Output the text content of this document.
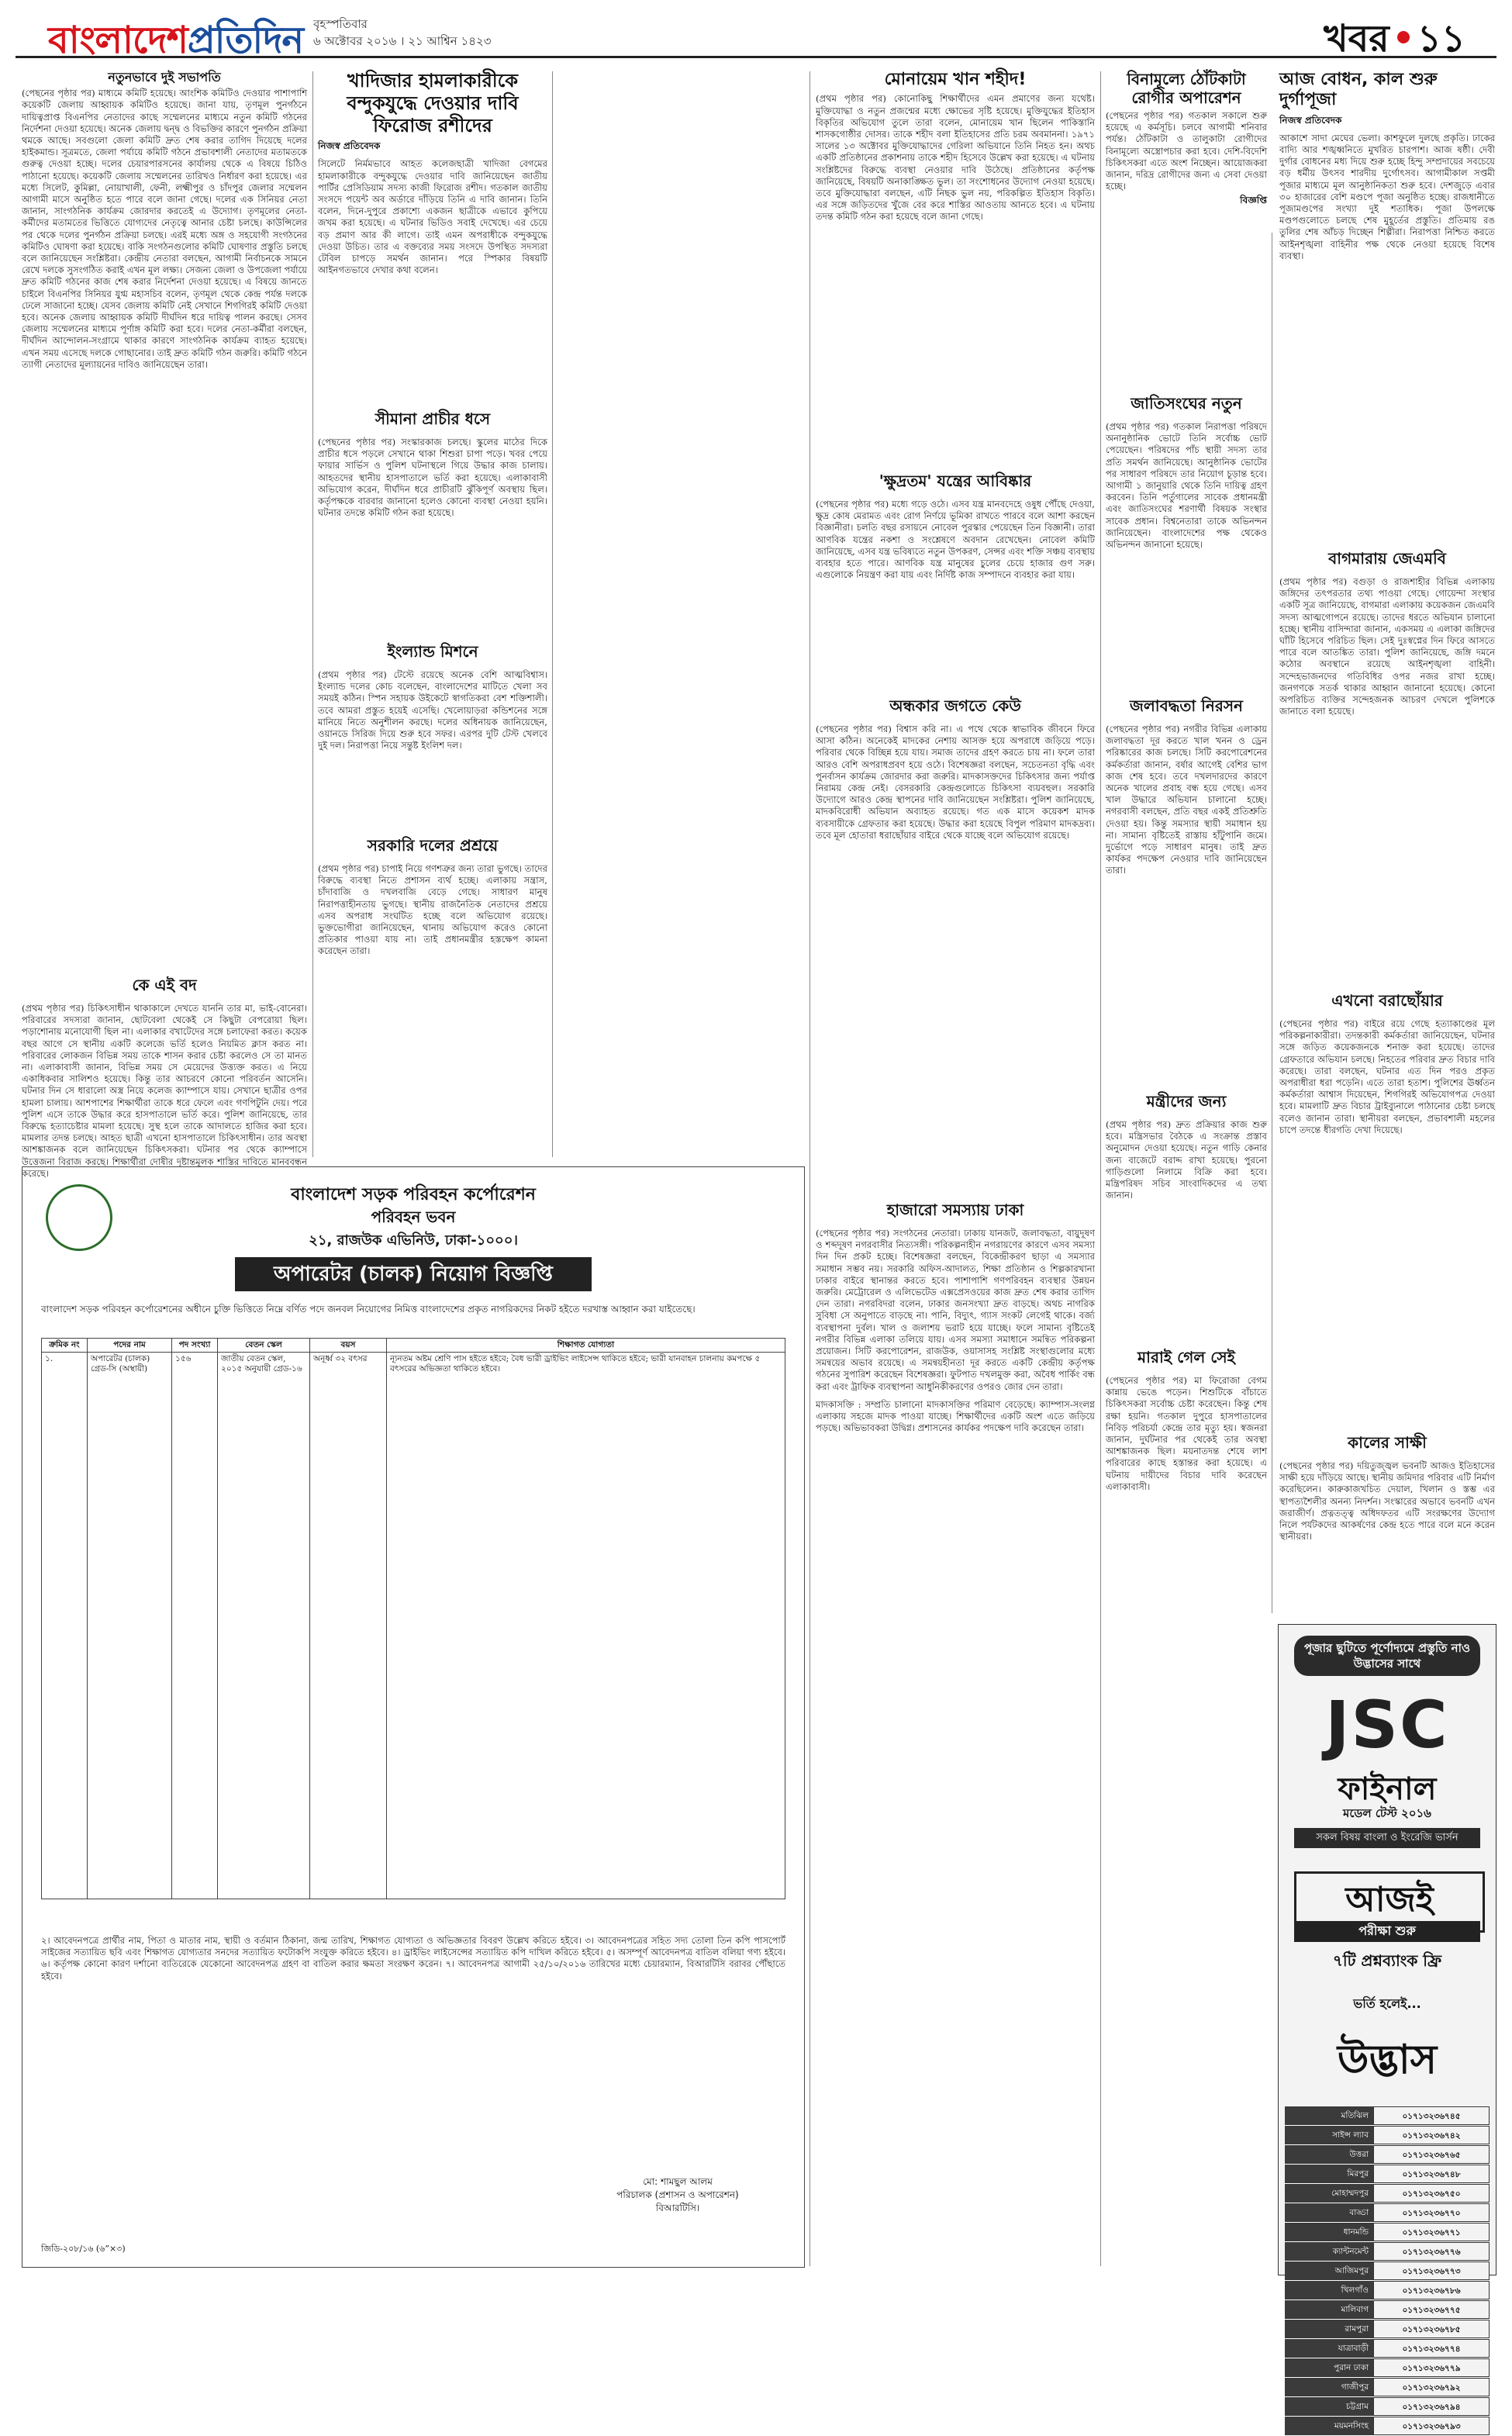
বাংলাদেশপ্রতিদিন বৃহস্পতিবার
৬ অক্টোবর ২০১৬ । ২১ আশ্বিন ১৪২৩	খবর ১১
নতুনভাবে দুই সভাপতি

(পেছনের পৃষ্ঠার পর) মাধ্যমে কমিটি হয়েছে। আংশিক কমিটিও দেওয়ার পাশাপাশি কয়েকটি জেলায় আহ্বায়ক কমিটিও হয়েছে। জানা যায়, তৃণমূল পুনর্গঠনে দায়িত্বপ্রাপ্ত বিএনপির নেতাদের কাছে সম্মেলনের মাধ্যমে নতুন কমিটি গঠনের নির্দেশনা দেওয়া হয়েছে। অনেক জেলায় দ্বন্দ্ব ও বিভক্তির কারণে পুনর্গঠন প্রক্রিয়া থমকে আছে। সবগুলো জেলা কমিটি দ্রুত শেষ করার তাগিদ দিয়েছে দলের হাইকমান্ড। সূত্রমতে, জেলা পর্যায়ে কমিটি গঠনে প্রভাবশালী নেতাদের মতামতকে গুরুত্ব দেওয়া হচ্ছে। দলের চেয়ারপারসনের কার্যালয় থেকে এ বিষয়ে চিঠিও পাঠানো হয়েছে। কয়েকটি জেলায় সম্মেলনের তারিখও নির্ধারণ করা হয়েছে। এর মধ্যে সিলেট, কুমিল্লা, নোয়াখালী, ফেনী, লক্ষ্মীপুর ও চাঁদপুর জেলার সম্মেলন আগামী মাসে অনুষ্ঠিত হতে পারে বলে জানা গেছে। দলের এক সিনিয়র নেতা জানান, সাংগঠনিক কার্যক্রম জোরদার করতেই এ উদ্যোগ। তৃণমূলের নেতা-কর্মীদের মতামতের ভিত্তিতে যোগ্যদের নেতৃত্বে আনার চেষ্টা চলছে। কাউন্সিলের পর থেকে দলের পুনর্গঠন প্রক্রিয়া চলছে। এরই মধ্যে অঙ্গ ও সহযোগী সংগঠনের কমিটিও ঘোষণা করা হয়েছে। বাকি সংগঠনগুলোর কমিটি ঘোষণার প্রস্তুতি চলছে বলে জানিয়েছেন সংশ্লিষ্টরা। কেন্দ্রীয় নেতারা বলছেন, আগামী নির্বাচনকে সামনে রেখে দলকে সুসংগঠিত করাই এখন মূল লক্ষ্য। সেজন্য জেলা ও উপজেলা পর্যায়ে দ্রুত কমিটি গঠনের কাজ শেষ করার নির্দেশনা দেওয়া হয়েছে। এ বিষয়ে জানতে চাইলে বিএনপির সিনিয়র যুগ্ম মহাসচিব বলেন, তৃণমূল থেকে কেন্দ্র পর্যন্ত দলকে ঢেলে সাজানো হচ্ছে। যেসব জেলায় কমিটি নেই সেখানে শিগগিরই কমিটি দেওয়া হবে। অনেক জেলায় আহ্বায়ক কমিটি দীর্ঘদিন ধরে দায়িত্ব পালন করছে। সেসব জেলায় সম্মেলনের মাধ্যমে পূর্ণাঙ্গ কমিটি করা হবে। দলের নেতা-কর্মীরা বলছেন, দীর্ঘদিন আন্দোলন-সংগ্রামে থাকার কারণে সাংগঠনিক কার্যক্রম ব্যাহত হয়েছে। এখন সময় এসেছে দলকে গোছানোর। তাই দ্রুত কমিটি গঠন জরুরি। কমিটি গঠনে ত্যাগী নেতাদের মূল্যায়নের দাবিও জানিয়েছেন তারা।

কে এই বদ

(প্রথম পৃষ্ঠার পর) চিকিৎসাধীন থাকাকালে দেখতে যাননি তার মা, ভাই-বোনেরা। পরিবারের সদস্যরা জানান, ছোটবেলা থেকেই সে কিছুটা বেপরোয়া ছিল। পড়াশোনায় মনোযোগী ছিল না। এলাকার বখাটেদের সঙ্গে চলাফেরা করত। কয়েক বছর আগে সে স্থানীয় একটি কলেজে ভর্তি হলেও নিয়মিত ক্লাস করত না। পরিবারের লোকজন বিভিন্ন সময় তাকে শাসন করার চেষ্টা করলেও সে তা মানত না। এলাকাবাসী জানান, বিভিন্ন সময় সে মেয়েদের উত্ত্যক্ত করত। এ নিয়ে একাধিকবার সালিশও হয়েছে। কিন্তু তার আচরণে কোনো পরিবর্তন আসেনি। ঘটনার দিন সে ধারালো অস্ত্র নিয়ে কলেজ ক্যাম্পাসে যায়। সেখানে ছাত্রীর ওপর হামলা চালায়। আশপাশের শিক্ষার্থীরা তাকে ধরে ফেলে এবং গণপিটুনি দেয়। পরে পুলিশ এসে তাকে উদ্ধার করে হাসপাতালে ভর্তি করে। পুলিশ জানিয়েছে, তার বিরুদ্ধে হত্যাচেষ্টার মামলা হয়েছে। সুস্থ হলে তাকে আদালতে হাজির করা হবে। মামলার তদন্ত চলছে। আহত ছাত্রী এখনো হাসপাতালে চিকিৎসাধীন। তার অবস্থা আশঙ্কাজনক বলে জানিয়েছেন চিকিৎসকরা। ঘটনার পর থেকে ক্যাম্পাসে উত্তেজনা বিরাজ করছে। শিক্ষার্থীরা দোষীর দৃষ্টান্তমূলক শাস্তির দাবিতে মানববন্ধন করেছে।

খাদিজার হামলাকারীকে বন্দুকযুদ্ধে দেওয়ার দাবি ফিরোজ রশীদের
নিজস্ব প্রতিবেদক

সিলেটে নির্মমভাবে আহত কলেজছাত্রী খাদিজা বেগমের হামলাকারীকে বন্দুকযুদ্ধে দেওয়ার দাবি জানিয়েছেন জাতীয় পার্টির প্রেসিডিয়াম সদস্য কাজী ফিরোজ রশীদ। গতকাল জাতীয় সংসদে পয়েন্ট অব অর্ডারে দাঁড়িয়ে তিনি এ দাবি জানান। তিনি বলেন, দিনে-দুপুরে প্রকাশ্যে একজন ছাত্রীকে এভাবে কুপিয়ে জখম করা হয়েছে। এ ঘটনার ভিডিও সবাই দেখেছে। এর চেয়ে বড় প্রমাণ আর কী লাগে। তাই এমন অপরাধীকে বন্দুকযুদ্ধে দেওয়া উচিত। তার এ বক্তব্যের সময় সংসদে উপস্থিত সদস্যরা টেবিল চাপড়ে সমর্থন জানান। পরে স্পিকার বিষয়টি আইনগতভাবে দেখার কথা বলেন।

সীমানা প্রাচীর ধসে

(পেছনের পৃষ্ঠার পর) সংস্কারকাজ চলছে। স্কুলের মাঠের দিকে প্রাচীর ধসে পড়লে সেখানে থাকা শিশুরা চাপা পড়ে। খবর পেয়ে ফায়ার সার্ভিস ও পুলিশ ঘটনাস্থলে গিয়ে উদ্ধার কাজ চালায়। আহতদের স্থানীয় হাসপাতালে ভর্তি করা হয়েছে। এলাকাবাসী অভিযোগ করেন, দীর্ঘদিন ধরে প্রাচীরটি ঝুঁকিপূর্ণ অবস্থায় ছিল। কর্তৃপক্ষকে বারবার জানানো হলেও কোনো ব্যবস্থা নেওয়া হয়নি। ঘটনার তদন্তে কমিটি গঠন করা হয়েছে।

ইংল্যান্ড মিশনে

(প্রথম পৃষ্ঠার পর) টেস্টে রয়েছে অনেক বেশি আত্মবিশ্বাস। ইংল্যান্ড দলের কোচ বলেছেন, বাংলাদেশের মাটিতে খেলা সব সময়ই কঠিন। স্পিন সহায়ক উইকেটে স্বাগতিকরা বেশ শক্তিশালী। তবে আমরা প্রস্তুত হয়েই এসেছি। খেলোয়াড়রা কন্ডিশনের সঙ্গে মানিয়ে নিতে অনুশীলন করছে। দলের অধিনায়ক জানিয়েছেন, ওয়ানডে সিরিজ দিয়ে শুরু হবে সফর। এরপর দুটি টেস্ট খেলবে দুই দল। নিরাপত্তা নিয়ে সন্তুষ্ট ইংলিশ দল।

সরকারি দলের প্রশ্রয়ে

(প্রথম পৃষ্ঠার পর) চাপাই নিয়ে গণশত্রুর জন্য তারা ভুগছে। তাদের বিরুদ্ধে ব্যবস্থা নিতে প্রশাসন ব্যর্থ হচ্ছে। এলাকায় সন্ত্রাস, চাঁদাবাজি ও দখলবাজি বেড়ে গেছে। সাধারণ মানুষ নিরাপত্তাহীনতায় ভুগছে। স্থানীয় রাজনৈতিক নেতাদের প্রশ্রয়ে এসব অপরাধ সংঘটিত হচ্ছে বলে অভিযোগ রয়েছে। ভুক্তভোগীরা জানিয়েছেন, থানায় অভিযোগ করেও কোনো প্রতিকার পাওয়া যায় না। তাই প্রধানমন্ত্রীর হস্তক্ষেপ কামনা করেছেন তারা।

বাংলাদেশ সড়ক পরিবহন কর্পোরেশন
পরিবহন ভবন
২১, রাজউক এভিনিউ, ঢাকা-১০০০।
অপারেটর (চালক) নিয়োগ বিজ্ঞপ্তি

বাংলাদেশ সড়ক পরিবহন কর্পোরেশনের অধীনে চুক্তি ভিত্তিতে নিম্নে বর্ণিত পদে জনবল নিয়োগের নিমিত্ত বাংলাদেশের প্রকৃত নাগরিকদের নিকট হইতে দরখাস্ত আহ্বান করা যাইতেছে।

ক্রমিক নং	পদের নাম	পদ সংখ্যা	বেতন স্কেল	বয়স	শিক্ষাগত যোগ্যতা
১.	অপারেটর (চালক) গ্রেড-সি (অস্থায়ী)	১৫৬	জাতীয় বেতন স্কেল, ২০১৫ অনুযায়ী গ্রেড-১৬	অনূর্ধ্ব ৩২ বৎসর	ন্যূনতম অষ্টম শ্রেণি পাস হইতে হইবে; বৈধ ভারী ড্রাইভিং লাইসেন্স থাকিতে হইবে; ভারী যানবাহন চালনায় কমপক্ষে ৫ বৎসরের অভিজ্ঞতা থাকিতে হইবে।

২। আবেদনপত্রে প্রার্থীর নাম, পিতা ও মাতার নাম, স্থায়ী ও বর্তমান ঠিকানা, জন্ম তারিখ, শিক্ষাগত যোগ্যতা ও অভিজ্ঞতার বিবরণ উল্লেখ করিতে হইবে। ৩। আবেদনপত্রের সহিত সদ্য তোলা তিন কপি পাসপোর্ট সাইজের সত্যায়িত ছবি এবং শিক্ষাগত যোগ্যতার সনদের সত্যায়িত ফটোকপি সংযুক্ত করিতে হইবে। ৪। ড্রাইভিং লাইসেন্সের সত্যায়িত কপি দাখিল করিতে হইবে। ৫। অসম্পূর্ণ আবেদনপত্র বাতিল বলিয়া গণ্য হইবে। ৬। কর্তৃপক্ষ কোনো কারণ দর্শানো ব্যতিরেকে যেকোনো আবেদনপত্র গ্রহণ বা বাতিল করার ক্ষমতা সংরক্ষণ করেন। ৭। আবেদনপত্র আগামী ২৫/১০/২০১৬ তারিখের মধ্যে চেয়ারম্যান, বিআরটিসি বরাবর পৌঁছাতে হইবে।

মো: শামছুল আলম
পরিচালক (প্রশাসন ও অপারেশন)
বিআরটিসি।
জিডি-২০৮/১৬ (৬”×৩)
মোনায়েম খান শহীদ!

(প্রথম পৃষ্ঠার পর) কোনোকিছু শিক্ষার্থীদের এমন প্রমাণের জন্য যথেষ্ট। মুক্তিযোদ্ধা ও নতুন প্রজন্মের মধ্যে ক্ষোভের সৃষ্টি হয়েছে। মুক্তিযুদ্ধের ইতিহাস বিকৃতির অভিযোগ তুলে তারা বলেন, মোনায়েম খান ছিলেন পাকিস্তানি শাসকগোষ্ঠীর দোসর। তাকে শহীদ বলা ইতিহাসের প্রতি চরম অবমাননা। ১৯৭১ সালের ১৩ অক্টোবর মুক্তিযোদ্ধাদের গেরিলা অভিযানে তিনি নিহত হন। অথচ একটি প্রতিষ্ঠানের প্রকাশনায় তাকে শহীদ হিসেবে উল্লেখ করা হয়েছে। এ ঘটনায় সংশ্লিষ্টদের বিরুদ্ধে ব্যবস্থা নেওয়ার দাবি উঠেছে। প্রতিষ্ঠানের কর্তৃপক্ষ জানিয়েছে, বিষয়টি অনাকাঙ্ক্ষিত ভুল। তা সংশোধনের উদ্যোগ নেওয়া হয়েছে। তবে মুক্তিযোদ্ধারা বলছেন, এটি নিছক ভুল নয়, পরিকল্পিত ইতিহাস বিকৃতি। এর সঙ্গে জড়িতদের খুঁজে বের করে শাস্তির আওতায় আনতে হবে। এ ঘটনায় তদন্ত কমিটি গঠন করা হয়েছে বলে জানা গেছে।

'ক্ষুদ্রতম' যন্ত্রের আবিষ্কার

(পেছনের পৃষ্ঠার পর) মধ্যে গড়ে ওঠে। এসব যন্ত্র মানবদেহে ওষুধ পৌঁছে দেওয়া, ক্ষুদ্র কোষ মেরামত এবং রোগ নির্ণয়ে ভূমিকা রাখতে পারবে বলে আশা করছেন বিজ্ঞানীরা। চলতি বছর রসায়নে নোবেল পুরস্কার পেয়েছেন তিন বিজ্ঞানী। তারা আণবিক যন্ত্রের নকশা ও সংশ্লেষণে অবদান রেখেছেন। নোবেল কমিটি জানিয়েছে, এসব যন্ত্র ভবিষ্যতে নতুন উপকরণ, সেন্সর এবং শক্তি সঞ্চয় ব্যবস্থায় ব্যবহার হতে পারে। আণবিক যন্ত্র মানুষের চুলের চেয়ে হাজার গুণ সরু। এগুলোকে নিয়ন্ত্রণ করা যায় এবং নির্দিষ্ট কাজ সম্পাদনে ব্যবহার করা যায়।

অন্ধকার জগতে কেউ

(পেছনের পৃষ্ঠার পর) বিশ্বাস করি না। এ পথে থেকে স্বাভাবিক জীবনে ফিরে আসা কঠিন। অনেকেই মাদকের নেশায় আসক্ত হয়ে অপরাধে জড়িয়ে পড়ে। পরিবার থেকে বিচ্ছিন্ন হয়ে যায়। সমাজ তাদের গ্রহণ করতে চায় না। ফলে তারা আরও বেশি অপরাধপ্রবণ হয়ে ওঠে। বিশেষজ্ঞরা বলছেন, সচেতনতা বৃদ্ধি এবং পুনর্বাসন কার্যক্রম জোরদার করা জরুরি। মাদকাসক্তদের চিকিৎসার জন্য পর্যাপ্ত নিরাময় কেন্দ্র নেই। বেসরকারি কেন্দ্রগুলোতে চিকিৎসা ব্যয়বহুল। সরকারি উদ্যোগে আরও কেন্দ্র স্থাপনের দাবি জানিয়েছেন সংশ্লিষ্টরা। পুলিশ জানিয়েছে, মাদকবিরোধী অভিযান অব্যাহত রয়েছে। গত এক মাসে কয়েকশ মাদক ব্যবসায়ীকে গ্রেফতার করা হয়েছে। উদ্ধার করা হয়েছে বিপুল পরিমাণ মাদকদ্রব্য। তবে মূল হোতারা ধরাছোঁয়ার বাইরে থেকে যাচ্ছে বলে অভিযোগ রয়েছে।

হাজারো সমস্যায় ঢাকা

(পেছনের পৃষ্ঠার পর) সংগঠনের নেতারা। ঢাকায় যানজট, জলাবদ্ধতা, বায়ুদূষণ ও শব্দদূষণ নগরবাসীর নিত্যসঙ্গী। পরিকল্পনাহীন নগরায়ণের কারণে এসব সমস্যা দিন দিন প্রকট হচ্ছে। বিশেষজ্ঞরা বলছেন, বিকেন্দ্রীকরণ ছাড়া এ সমস্যার সমাধান সম্ভব নয়। সরকারি অফিস-আদালত, শিক্ষা প্রতিষ্ঠান ও শিল্পকারখানা ঢাকার বাইরে স্থানান্তর করতে হবে। পাশাপাশি গণপরিবহন ব্যবস্থার উন্নয়ন জরুরি। মেট্রোরেল ও এলিভেটেড এক্সপ্রেসওয়ের কাজ দ্রুত শেষ করার তাগিদ দেন তারা। নগরবিদরা বলেন, ঢাকার জনসংখ্যা দ্রুত বাড়ছে। অথচ নাগরিক সুবিধা সে অনুপাতে বাড়ছে না। পানি, বিদ্যুৎ, গ্যাস সংকট লেগেই থাকে। বর্জ্য ব্যবস্থাপনা দুর্বল। খাল ও জলাশয় ভরাট হয়ে যাচ্ছে। ফলে সামান্য বৃষ্টিতেই নগরীর বিভিন্ন এলাকা তলিয়ে যায়। এসব সমস্যা সমাধানে সমন্বিত পরিকল্পনা প্রয়োজন। সিটি করপোরেশন, রাজউক, ওয়াসাসহ সংশ্লিষ্ট সংস্থাগুলোর মধ্যে সমন্বয়ের অভাব রয়েছে। এ সমন্বয়হীনতা দূর করতে একটি কেন্দ্রীয় কর্তৃপক্ষ গঠনের সুপারিশ করেছেন বিশেষজ্ঞরা। ফুটপাত দখলমুক্ত করা, অবৈধ পার্কিং বন্ধ করা এবং ট্রাফিক ব্যবস্থাপনা আধুনিকীকরণের ওপরও জোর দেন তারা।

মাদকাসক্তি : সম্প্রতি চালানো মাদকাসক্তির পরিমাণ বেড়েছে। ক্যাম্পাস-সংলগ্ন এলাকায় সহজে মাদক পাওয়া যাচ্ছে। শিক্ষার্থীদের একটি অংশ এতে জড়িয়ে পড়ছে। অভিভাবকরা উদ্বিগ্ন। প্রশাসনের কার্যকর পদক্ষেপ দাবি করেছেন তারা।

বিনামূল্যে ঠোঁটকাটা রোগীর অপারেশন

(পেছনের পৃষ্ঠার পর) গতকাল সকালে শুরু হয়েছে এ কর্মসূচি। চলবে আগামী শনিবার পর্যন্ত। ঠোঁটকাটা ও তালুকাটা রোগীদের বিনামূল্যে অস্ত্রোপচার করা হবে। দেশি-বিদেশি চিকিৎসকরা এতে অংশ নিচ্ছেন। আয়োজকরা জানান, দরিদ্র রোগীদের জন্য এ সেবা দেওয়া হচ্ছে।

বিজ্ঞপ্তি
জাতিসংঘের নতুন

(প্রথম পৃষ্ঠার পর) গতকাল নিরাপত্তা পরিষদে অনানুষ্ঠানিক ভোটে তিনি সর্বোচ্চ ভোট পেয়েছেন। পরিষদের পাঁচ স্থায়ী সদস্য তার প্রতি সমর্থন জানিয়েছে। আনুষ্ঠানিক ভোটের পর সাধারণ পরিষদে তার নিয়োগ চূড়ান্ত হবে। আগামী ১ জানুয়ারি থেকে তিনি দায়িত্ব গ্রহণ করবেন। তিনি পর্তুগালের সাবেক প্রধানমন্ত্রী এবং জাতিসংঘের শরণার্থী বিষয়ক সংস্থার সাবেক প্রধান। বিশ্বনেতারা তাকে অভিনন্দন জানিয়েছেন। বাংলাদেশের পক্ষ থেকেও অভিনন্দন জানানো হয়েছে।

জলাবদ্ধতা নিরসন

(পেছনের পৃষ্ঠার পর) নগরীর বিভিন্ন এলাকায় জলাবদ্ধতা দূর করতে খাল খনন ও ড্রেন পরিষ্কারের কাজ চলছে। সিটি করপোরেশনের কর্মকর্তারা জানান, বর্ষার আগেই বেশির ভাগ কাজ শেষ হবে। তবে দখলদারদের কারণে অনেক খালের প্রবাহ বন্ধ হয়ে গেছে। এসব খাল উদ্ধারে অভিযান চালানো হচ্ছে। নগরবাসী বলছেন, প্রতি বছর একই প্রতিশ্রুতি দেওয়া হয়। কিন্তু সমস্যার স্থায়ী সমাধান হয় না। সামান্য বৃষ্টিতেই রাস্তায় হাঁটুপানি জমে। দুর্ভোগে পড়ে সাধারণ মানুষ। তাই দ্রুত কার্যকর পদক্ষেপ নেওয়ার দাবি জানিয়েছেন তারা।

মন্ত্রীদের জন্য

(প্রথম পৃষ্ঠার পর) দ্রুত প্রক্রিয়ার কাজ শুরু হবে। মন্ত্রিসভার বৈঠকে এ সংক্রান্ত প্রস্তাব অনুমোদন দেওয়া হয়েছে। নতুন গাড়ি কেনার জন্য বাজেটে বরাদ্দ রাখা হয়েছে। পুরনো গাড়িগুলো নিলামে বিক্রি করা হবে। মন্ত্রিপরিষদ সচিব সাংবাদিকদের এ তথ্য জানান।

মারাই গেল সেই

(পেছনের পৃষ্ঠার পর) মা ফিরোজা বেগম কান্নায় ভেঙে পড়েন। শিশুটিকে বাঁচাতে চিকিৎসকরা সর্বোচ্চ চেষ্টা করেছেন। কিন্তু শেষ রক্ষা হয়নি। গতকাল দুপুরে হাসপাতালের নিবিড় পরিচর্যা কেন্দ্রে তার মৃত্যু হয়। স্বজনরা জানান, দুর্ঘটনার পর থেকেই তার অবস্থা আশঙ্কাজনক ছিল। ময়নাতদন্ত শেষে লাশ পরিবারের কাছে হস্তান্তর করা হয়েছে। এ ঘটনায় দায়ীদের বিচার দাবি করেছেন এলাকাবাসী।

আজ বোধন, কাল শুরু দুর্গাপূজা
নিজস্ব প্রতিবেদক

আকাশে সাদা মেঘের ভেলা। কাশফুলে দুলছে প্রকৃতি। ঢাকের বাদ্যি আর শঙ্খধ্বনিতে মুখরিত চারপাশ। আজ ষষ্ঠী। দেবী দুর্গার বোধনের মধ্য দিয়ে শুরু হচ্ছে হিন্দু সম্প্রদায়ের সবচেয়ে বড় ধর্মীয় উৎসব শারদীয় দুর্গোৎসব। আগামীকাল সপ্তমী পূজার মাধ্যমে মূল আনুষ্ঠানিকতা শুরু হবে। দেশজুড়ে এবার ৩০ হাজারের বেশি মণ্ডপে পূজা অনুষ্ঠিত হচ্ছে। রাজধানীতে পূজামণ্ডপের সংখ্যা দুই শতাধিক। পূজা উপলক্ষে মণ্ডপগুলোতে চলছে শেষ মুহূর্তের প্রস্তুতি। প্রতিমায় রঙ তুলির শেষ আঁচড় দিচ্ছেন শিল্পীরা। নিরাপত্তা নিশ্চিত করতে আইনশৃঙ্খলা বাহিনীর পক্ষ থেকে নেওয়া হয়েছে বিশেষ ব্যবস্থা।

বাগমারায় জেএমবি

(প্রথম পৃষ্ঠার পর) বগুড়া ও রাজশাহীর বিভিন্ন এলাকায় জঙ্গিদের তৎপরতার তথ্য পাওয়া গেছে। গোয়েন্দা সংস্থার একটি সূত্র জানিয়েছে, বাগমারা এলাকায় কয়েকজন জেএমবি সদস্য আত্মগোপনে রয়েছে। তাদের ধরতে অভিযান চালানো হচ্ছে। স্থানীয় বাসিন্দারা জানান, একসময় এ এলাকা জঙ্গিদের ঘাঁটি হিসেবে পরিচিত ছিল। সেই দুঃস্বপ্নের দিন ফিরে আসতে পারে বলে আতঙ্কিত তারা। পুলিশ জানিয়েছে, জঙ্গি দমনে কঠোর অবস্থানে রয়েছে আইনশৃঙ্খলা বাহিনী। সন্দেহভাজনদের গতিবিধির ওপর নজর রাখা হচ্ছে। জনগণকে সতর্ক থাকার আহ্বান জানানো হয়েছে। কোনো অপরিচিত ব্যক্তির সন্দেহজনক আচরণ দেখলে পুলিশকে জানাতে বলা হয়েছে।

এখনো বরাছোঁয়ার

(পেছনের পৃষ্ঠার পর) বাইরে রয়ে গেছে হত্যাকাণ্ডের মূল পরিকল্পনাকারীরা। তদন্তকারী কর্মকর্তারা জানিয়েছেন, ঘটনার সঙ্গে জড়িত কয়েকজনকে শনাক্ত করা হয়েছে। তাদের গ্রেফতারে অভিযান চলছে। নিহতের পরিবার দ্রুত বিচার দাবি করেছে। তারা বলছেন, ঘটনার এত দিন পরও প্রকৃত অপরাধীরা ধরা পড়েনি। এতে তারা হতাশ। পুলিশের ঊর্ধ্বতন কর্মকর্তারা আশ্বাস দিয়েছেন, শিগগিরই অভিযোগপত্র দেওয়া হবে। মামলাটি দ্রুত বিচার ট্রাইব্যুনালে পাঠানোর চেষ্টা চলছে বলেও জানান তারা। স্থানীয়রা বলছেন, প্রভাবশালী মহলের চাপে তদন্তে ধীরগতি দেখা দিয়েছে।

কালের সাক্ষী

(পেছনের পৃষ্ঠার পর) দয়িতুজ্জ্বল ভবনটি আজও ইতিহাসের সাক্ষী হয়ে দাঁড়িয়ে আছে। স্থানীয় জমিদার পরিবার এটি নির্মাণ করেছিলেন। কারুকাজখচিত দেয়াল, খিলান ও স্তম্ভ এর স্থাপত্যশৈলীর অনন্য নিদর্শন। সংস্কারের অভাবে ভবনটি এখন জরাজীর্ণ। প্রত্নতত্ত্ব অধিদফতর এটি সংরক্ষণের উদ্যোগ নিলে পর্যটকদের আকর্ষণের কেন্দ্র হতে পারে বলে মনে করেন স্থানীয়রা।

পূজার ছুটিতে পূর্ণোদ্যমে প্রস্তুতি নাও উদ্ভাসের সাথে
JSC
ফাইনাল
মডেল টেস্ট ২০১৬
সকল বিষয় বাংলা ও ইংরেজি ভার্সন
আজই
পরীক্ষা শুরু
৭টি প্রশ্নব্যাংক ফ্রি
ভর্তি হলেই...
উদ্ভাস
মতিঝিল	০১৭১৩২৩৬৭৪৫
সাইন্স ল্যাব	০১৭১৩২৩৬৭৪২
উত্তরা	০১৭১৩২৩৬৭৬৫
মিরপুর	০১৭১৩২৩৬৭৪৮
মোহাম্মদপুর	০১৭১৩২৩৬৭৫০
বাড্ডা	০১৭১৩২৩৬৭৭০
ধানমন্ডি	০১৭১৩২৩৬৭৭১
ক্যান্টনমেন্ট	০১৭১৩২৩৬৭৭৬
আজিমপুর	০১৭১৩২৩৬৭৭৩
খিলগাঁও	০১৭১৩২৩৬৭৮৬
মালিবাগ	০১৭১৩২৩৬৭৭৫
রামপুরা	০১৭১৩২৩৬৭৮৫
যাত্রাবাড়ী	০১৭১৩২৩৬৭৭৪
পুরান ঢাকা	০১৭১৩২৩৬৭৭৯
গাজীপুর	০১৭১৩২৩৬৭৯২
চট্টগ্রাম	০১৭১৩২৩৬৭৯৪
ময়মনসিংহ	০১৭১৩২৩৬৭৯৩
